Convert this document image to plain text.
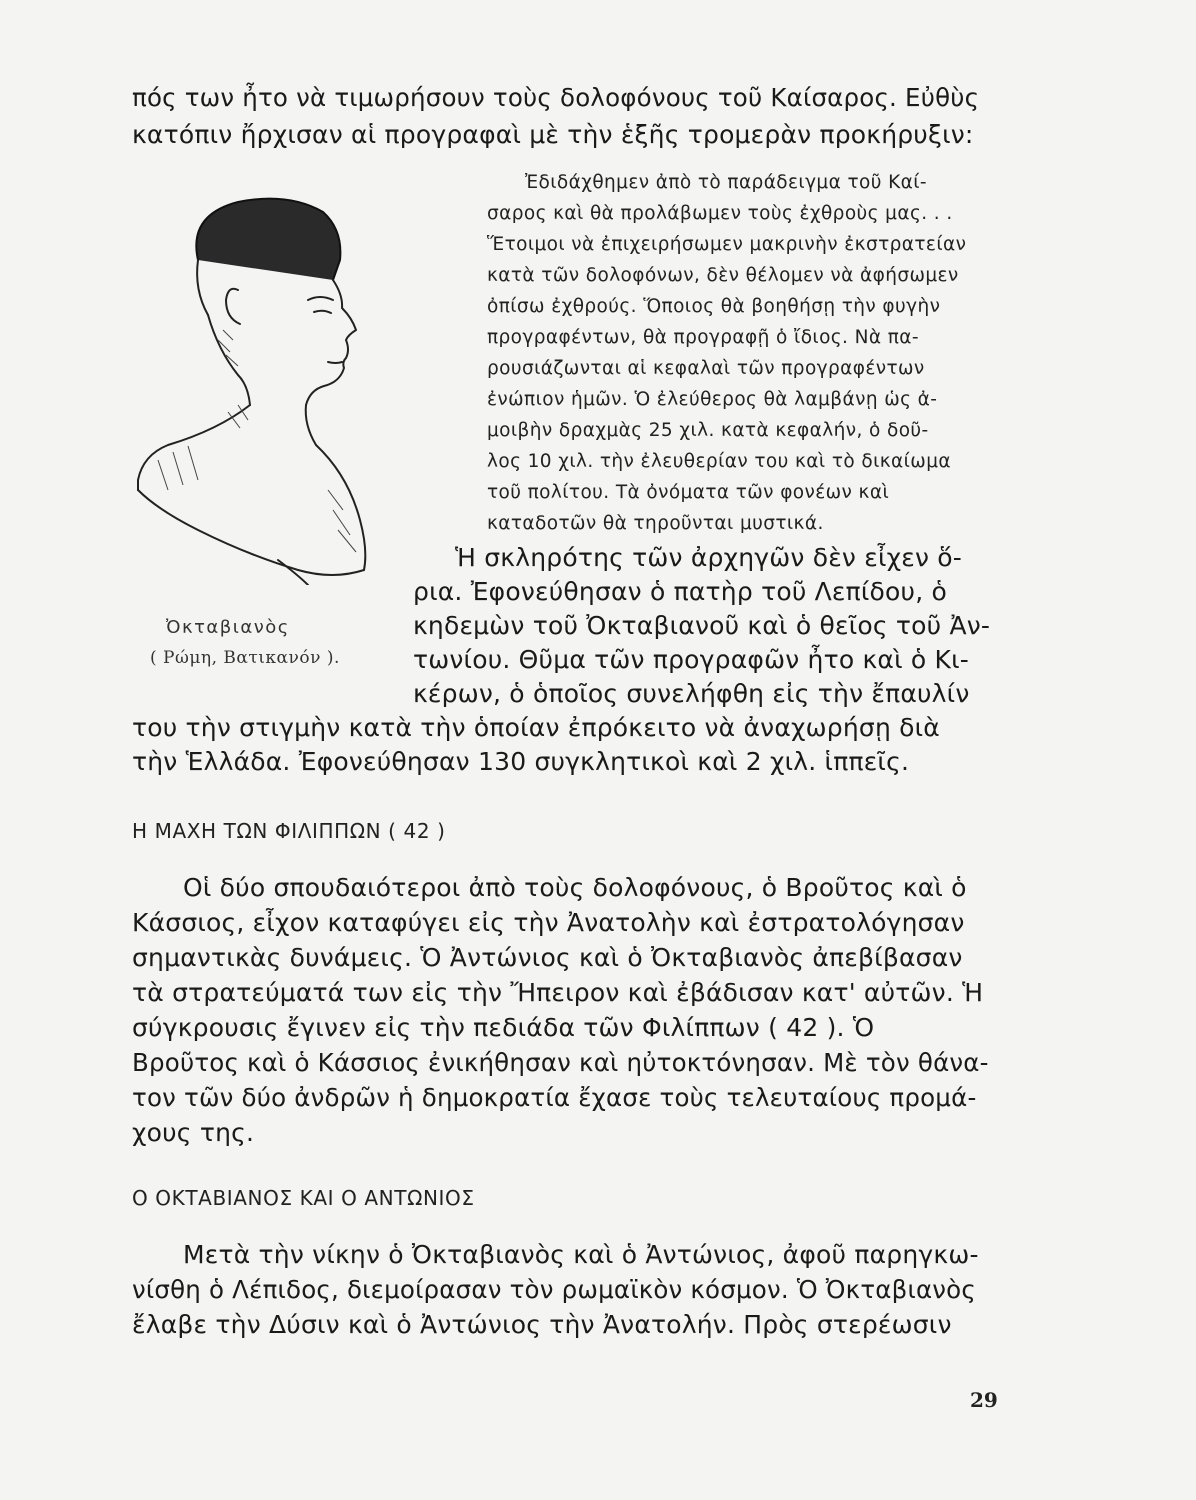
πός των ἦτο νὰ τιμωρήσουν τοὺς δολοφόνους τοῦ Καίσαρος. Εὐθὺς
κατόπιν ἤρχισαν αἱ προγραφαὶ μὲ τὴν ἑξῆς τρομερὰν προκήρυξιν:
Ἐδιδάχθημεν ἀπὸ τὸ παράδειγμα τοῦ Καί-
σαρος καὶ θὰ προλάβωμεν τοὺς ἐχθροὺς μας. . .
Ἕτοιμοι νὰ ἐπιχειρήσωμεν μακρινὴν ἐκστρατείαν
κατὰ τῶν δολοφόνων, δὲν θέλομεν νὰ ἀφήσωμεν
ὀπίσω ἐχθρούς. Ὅποιος θὰ βοηθήσῃ τὴν φυγὴν
προγραφέντων, θὰ προγραφῇ ὁ ἴδιος. Νὰ πα-
ρουσιάζωνται αἱ κεφαλαὶ τῶν προγραφέντων
ἐνώπιον ἡμῶν. Ὁ ἐλεύθερος θὰ λαμβάνῃ ὡς ἀ-
μοιβὴν δραχμὰς 25 χιλ. κατὰ κεφαλήν, ὁ δοῦ-
λος 10 χιλ. τὴν ἐλευθερίαν του καὶ τὸ δικαίωμα
τοῦ πολίτου. Τὰ ὀνόματα τῶν φονέων καὶ
καταδοτῶν θὰ τηροῦνται μυστικά.
Ἡ σκληρότης τῶν ἀρχηγῶν δὲν εἶχεν ὅ-
ρια. Ἐφονεύθησαν ὁ πατὴρ τοῦ Λεπίδου, ὁ
κηδεμὼν τοῦ Ὀκταβιανοῦ καὶ ὁ θεῖος τοῦ Ἀν-
τωνίου. Θῦμα τῶν προγραφῶν ἦτο καὶ ὁ Κι-
κέρων, ὁ ὁποῖος συνελήφθη εἰς τὴν ἔπαυλίν
του τὴν στιγμὴν κατὰ τὴν ὁποίαν ἐπρόκειτο νὰ ἀναχωρήσῃ διὰ
τὴν Ἑλλάδα. Ἐφονεύθησαν 130 συγκλητικοὶ καὶ 2 χιλ. ἱππεῖς.
Ὀκταβιανὸς
( Ρώμη, Βατικανόν ).
Η ΜΑΧΗ ΤΩΝ ΦΙΛΙΠΠΩΝ ( 42 )
Οἱ δύο σπουδαιότεροι ἀπὸ τοὺς δολοφόνους, ὁ Βροῦτος καὶ ὁ
Κάσσιος, εἶχον καταφύγει εἰς τὴν Ἀνατολὴν καὶ ἐστρατολόγησαν
σημαντικὰς δυνάμεις. Ὁ Ἀντώνιος καὶ ὁ Ὀκταβιανὸς ἀπεβίβασαν
τὰ στρατεύματά των εἰς τὴν Ἤπειρον καὶ ἐβάδισαν κατ' αὐτῶν. Ἡ
σύγκρουσις ἔγινεν εἰς τὴν πεδιάδα τῶν Φιλίππων ( 42 ). Ὁ
Βροῦτος καὶ ὁ Κάσσιος ἐνικήθησαν καὶ ηὐτοκτόνησαν. Μὲ τὸν θάνα-
τον τῶν δύο ἀνδρῶν ἡ δημοκρατία ἔχασε τοὺς τελευταίους προμά-
χους της.
Ο ΟΚΤΑΒΙΑΝΟΣ ΚΑΙ Ο ΑΝΤΩΝΙΟΣ
Μετὰ τὴν νίκην ὁ Ὀκταβιανὸς καὶ ὁ Ἀντώνιος, ἀφοῦ παρηγκω-
νίσθη ὁ Λέπιδος, διεμοίρασαν τὸν ρωμαϊκὸν κόσμον. Ὁ Ὀκταβιανὸς
ἔλαβε τὴν Δύσιν καὶ ὁ Ἀντώνιος τὴν Ἀνατολήν. Πρὸς στερέωσιν
29
